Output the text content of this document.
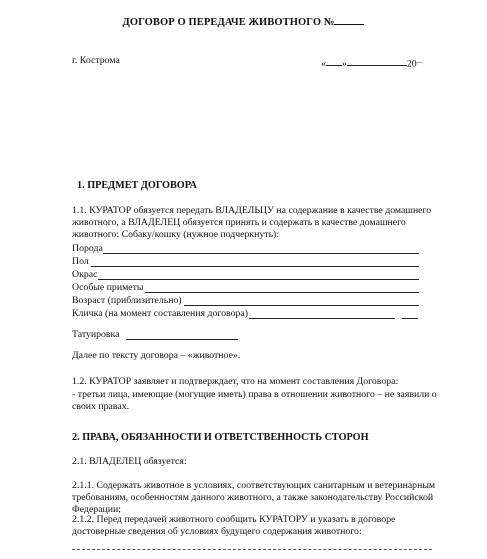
ДОГОВОР О ПЕРЕДАЧЕ ЖИВОТНОГО №
г. Кострома	« »	20__
1. ПРЕДМЕТ ДОГОВОРА
1.1. КУРАТОР обязуется передать ВЛАДЕЛЬЦУ на содержание в качестве домашнего
животного, а ВЛАДЕЛЕЦ обязуется принять и содержать в качестве домашнего
животного: Собаку/кошку (нужное подчеркнуть):
Порода
Пол
Окрас
Особые приметы
Возраст (приблизительно)
Кличка (на момент составления договора)
Татуировка
Далее по тексту договора – «животное».
1.2. КУРАТОР заявляет и подтверждает, что на момент составления Договора:
- третьи лица, имеющие (могущие иметь) права в отношении животного – не заявили о
своих правах.
2. ПРАВА, ОБЯЗАННОСТИ И ОТВЕТСТВЕННОСТЬ СТОРОН
2.1. ВЛАДЕЛЕЦ обязуется:
2.1.1. Содержать животное в условиях, соответствующих санитарным и ветеринарным
требованиям, особенностям данного животного, а также законодательству Российской
Федерации;
2.1.2. Перед передачей животного сообщить КУРАТОРУ и указать в договоре
достоверные сведения об условиях будущего содержания животного:
